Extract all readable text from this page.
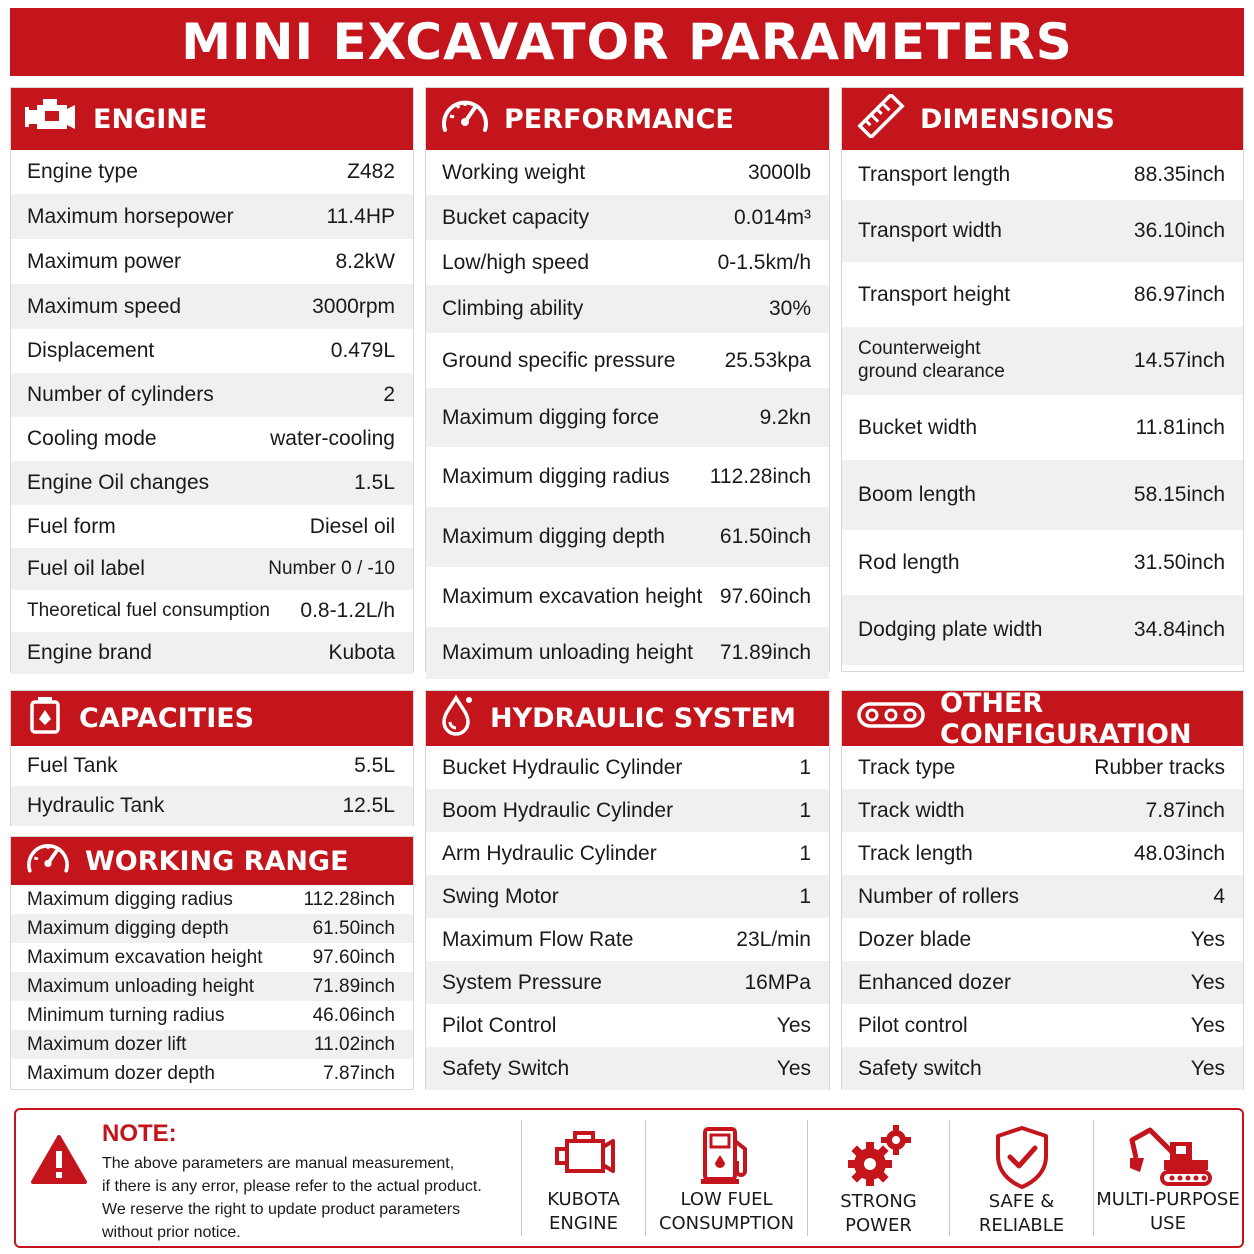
MINI EXCAVATOR PARAMETERS
ENGINE
Engine type	Z482
Maximum horsepower	11.4HP
Maximum power	8.2kW
Maximum speed	3000rpm
Displacement	0.479L
Number of cylinders	2
Cooling mode	water-cooling
Engine Oil changes	1.5L
Fuel form	Diesel oil
Fuel oil label	Number 0 / -10
Theoretical fuel consumption 0.8-1.2L/h
Engine brand	Kubota
PERFORMANCE
Working weight	3000lb
Bucket capacity	0.014m³
Low/high speed	0-1.5km/h
Climbing ability	30%
Ground specific pressure 25.53kpa
Maximum digging force	9.2kn
Maximum digging radius 112.28inch
Maximum digging depth	61.50inch
Maximum excavation height 97.60inch
Maximum unloading height 71.89inch
DIMENSIONS
Transport length	88.35inch
Transport width	36.10inch
Transport height	86.97inch
Counterweight ground clearance	14.57inch
Bucket width	11.81inch
Boom length	58.15inch
Rod length	31.50inch
Dodging plate width	34.84inch
CAPACITIES
Fuel Tank	5.5L
Hydraulic Tank	12.5L
WORKING RANGE
Maximum digging radius	112.28inch
Maximum digging depth	61.50inch
Maximum excavation height	97.60inch
Maximum unloading height	71.89inch
Minimum turning radius	46.06inch
Maximum dozer lift	11.02inch
Maximum dozer depth	7.87inch
HYDRAULIC SYSTEM
Bucket Hydraulic Cylinder	1
Boom Hydraulic Cylinder	1
Arm Hydraulic Cylinder	1
Swing Motor	1
Maximum Flow Rate	23L/min
System Pressure	16MPa
Pilot Control	Yes
Safety Switch	Yes
OTHER CONFIGURATION
Track type	Rubber tracks
Track width	7.87inch
Track length	48.03inch
Number of rollers	4
Dozer blade	Yes
Enhanced dozer	Yes
Pilot control	Yes
Safety switch	Yes
NOTE:
The above parameters are manual measurement,
if there is any error, please refer to the actual product.
We reserve the right to update product parameters
without prior notice.
KUBOTA
ENGINE
LOW FUEL
CONSUMPTION
STRONG
POWER
SAFE &
RELIABLE
MULTI-PURPOSE
USE
